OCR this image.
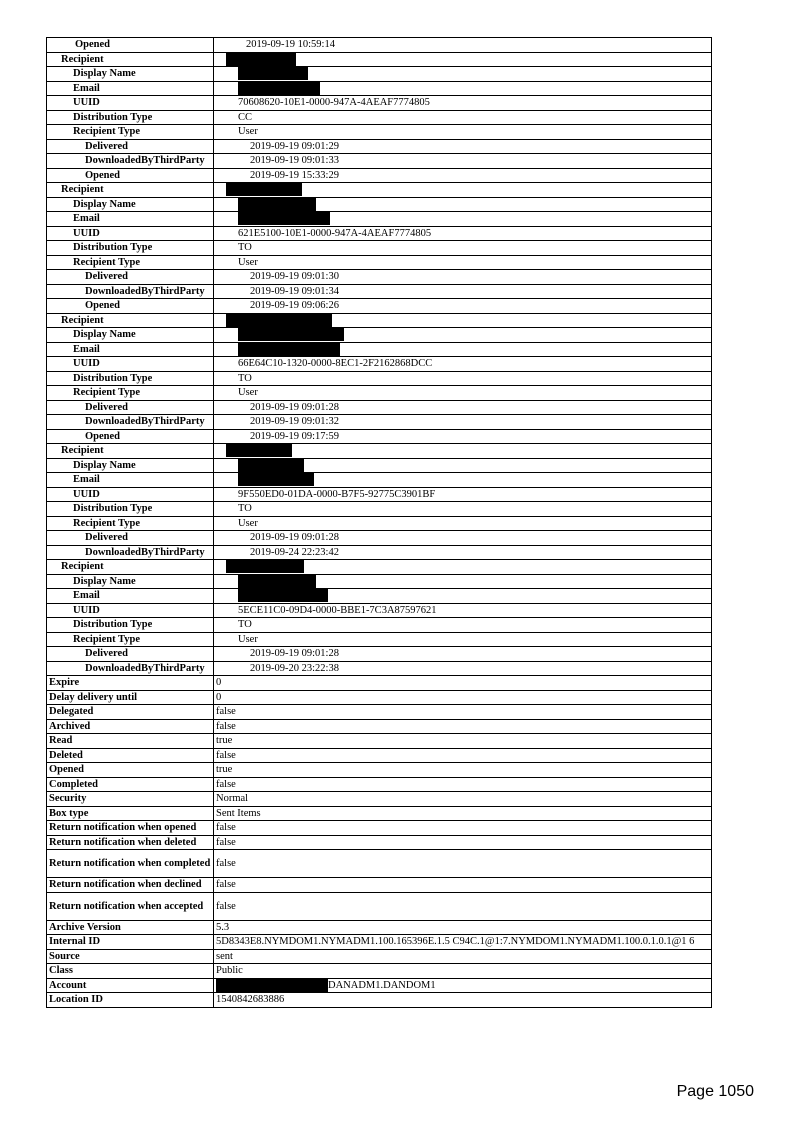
Opened	2019-09-19 10:59:14
Recipient	
Display Name	
Email	
UUID	70608620-10E1-0000-947A-4AEAF7774805
Distribution Type	CC
Recipient Type	User
Delivered	2019-09-19 09:01:29
DownloadedByThirdParty	2019-09-19 09:01:33
Opened	2019-09-19 15:33:29
Recipient	
Display Name	
Email	
UUID	621E5100-10E1-0000-947A-4AEAF7774805
Distribution Type	TO
Recipient Type	User
Delivered	2019-09-19 09:01:30
DownloadedByThirdParty	2019-09-19 09:01:34
Opened	2019-09-19 09:06:26
Recipient	
Display Name	
Email	
UUID	66E64C10-1320-0000-8EC1-2F2162868DCC
Distribution Type	TO
Recipient Type	User
Delivered	2019-09-19 09:01:28
DownloadedByThirdParty	2019-09-19 09:01:32
Opened	2019-09-19 09:17:59
Recipient	
Display Name	
Email	
UUID	9F550ED0-01DA-0000-B7F5-92775C3901BF
Distribution Type	TO
Recipient Type	User
Delivered	2019-09-19 09:01:28
DownloadedByThirdParty	2019-09-24 22:23:42
Recipient	
Display Name	
Email	
UUID	5ECE11C0-09D4-0000-BBE1-7C3A87597621
Distribution Type	TO
Recipient Type	User
Delivered	2019-09-19 09:01:28
DownloadedByThirdParty	2019-09-20 23:22:38
Expire	0
Delay delivery until	0
Delegated	false
Archived	false
Read	true
Deleted	false
Opened	true
Completed	false
Security	Normal
Box type	Sent Items
Return notification when opened	false
Return notification when deleted	false
Return notification when completed	false
Return notification when declined	false
Return notification when accepted	false
Archive Version	5.3
Internal ID	5D8343E8.NYMDOM1.NYMADM1.100.165396E.1.5 C94C.1@1:7.NYMDOM1.NYMADM1.100.0.1.0.1@1 6
Source	sent
Class	Public
Account	DANADM1.DANDOM1
Location ID	1540842683886
Page 1050
